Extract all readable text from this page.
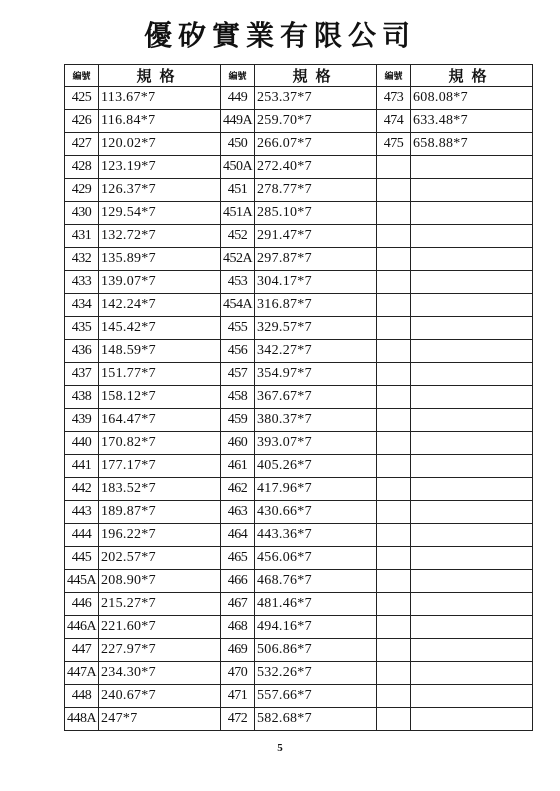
優矽實業有限公司
編號	規格	編號	規格	編號	規格
425	113.67*7	449	253.37*7	473	608.08*7
426	116.84*7	449A	259.70*7	474	633.48*7
427	120.02*7	450	266.07*7	475	658.88*7
428	123.19*7	450A	272.40*7		
429	126.37*7	451	278.77*7		
430	129.54*7	451A	285.10*7		
431	132.72*7	452	291.47*7		
432	135.89*7	452A	297.87*7		
433	139.07*7	453	304.17*7		
434	142.24*7	454A	316.87*7		
435	145.42*7	455	329.57*7		
436	148.59*7	456	342.27*7		
437	151.77*7	457	354.97*7		
438	158.12*7	458	367.67*7		
439	164.47*7	459	380.37*7		
440	170.82*7	460	393.07*7		
441	177.17*7	461	405.26*7		
442	183.52*7	462	417.96*7		
443	189.87*7	463	430.66*7		
444	196.22*7	464	443.36*7		
445	202.57*7	465	456.06*7		
445A	208.90*7	466	468.76*7		
446	215.27*7	467	481.46*7		
446A	221.60*7	468	494.16*7		
447	227.97*7	469	506.86*7		
447A	234.30*7	470	532.26*7		
448	240.67*7	471	557.66*7		
448A	247*7	472	582.68*7		
5
